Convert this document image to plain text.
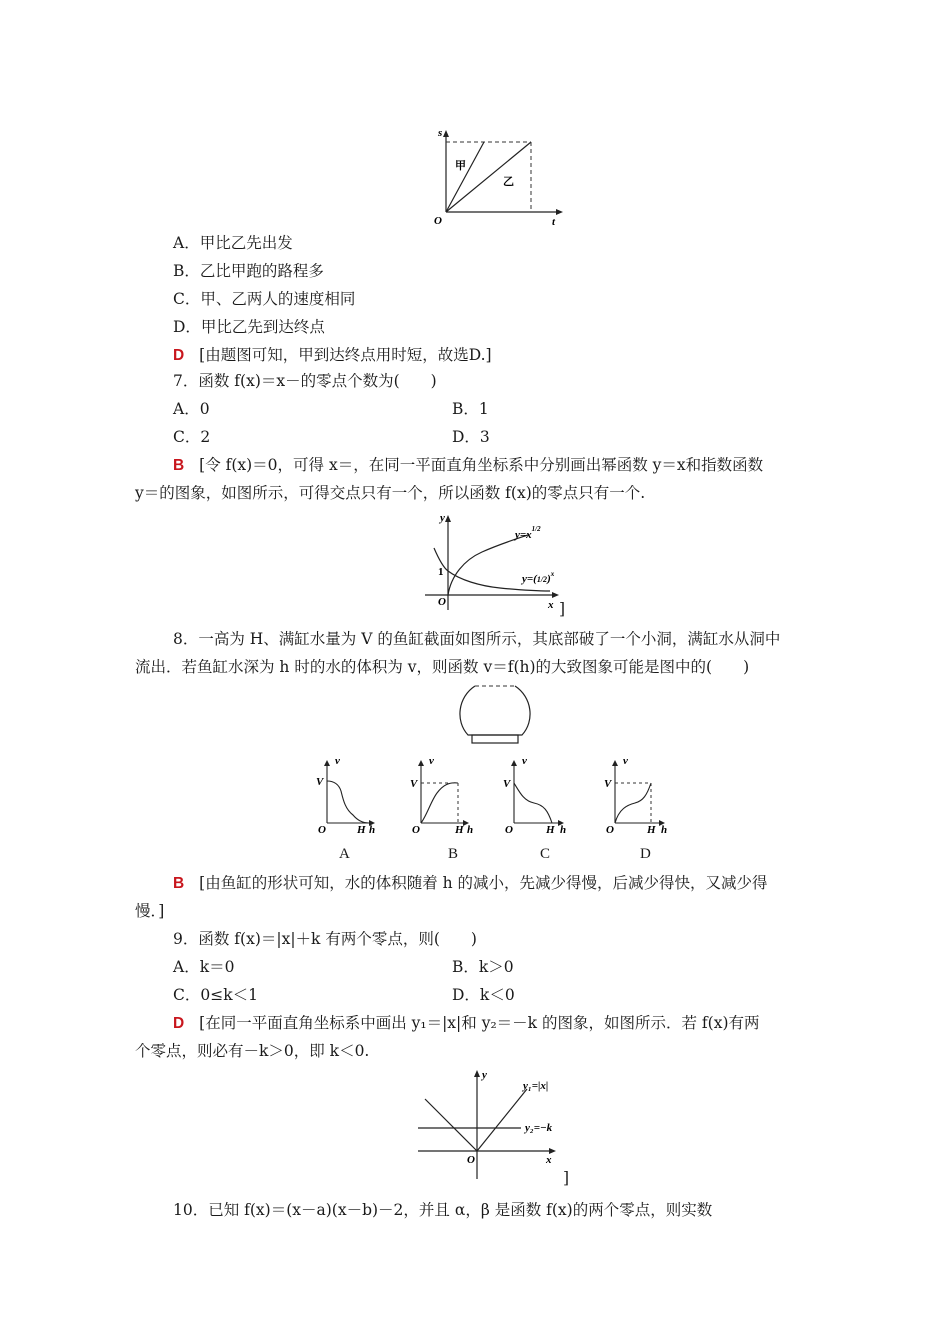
s
t
O
甲
乙
A．甲比乙先出发
B．乙比甲跑的路程多
C．甲、乙两人的速度相同
D．甲比乙先到达终点
D [由题图可知，甲到达终点用时短，故选D.]
7．函数 f(x)＝x－的零点个数为(　　)
A．0	B．1
C．2	D．3
B [令 f(x)＝0，可得 x＝，在同一平面直角坐标系中分别画出幂函数 y＝x和指数函数
y＝的图象，如图所示，可得交点只有一个，所以函数 f(x)的零点只有一个.
y
x
O
1
$y=x^{1/2}$
$y=(1/2)^x$
]
8．一高为 H、满缸水量为 V 的鱼缸截面如图所示，其底部破了一个小洞，满缸水从洞中
流出．若鱼缸水深为 h 时的水的体积为 v，则函数 v＝f(h)的大致图象可能是图中的(　　)
v
V
O	H h
v
V
O	H h
v
V
O	H h
v
V
O	H h
A	B	C	D
B [由鱼缸的形状可知，水的体积随着 h 的减小，先减少得慢，后减少得快，又减少得
慢．]
9．函数 f(x)＝|x|＋k 有两个零点，则(　　)
A．k＝0	B．k＞0
C．0≤k＜1	D．k＜0
D [在同一平面直角坐标系中画出 y₁＝|x|和 y₂＝－k 的图象，如图所示．若 f(x)有两
个零点，则必有－k＞0，即 k＜0.
y
x
O
y₁=|x|
y₂=−k
]
10．已知 f(x)＝(x－a)(x－b)－2，并且 α，β 是函数 f(x)的两个零点，则实数
